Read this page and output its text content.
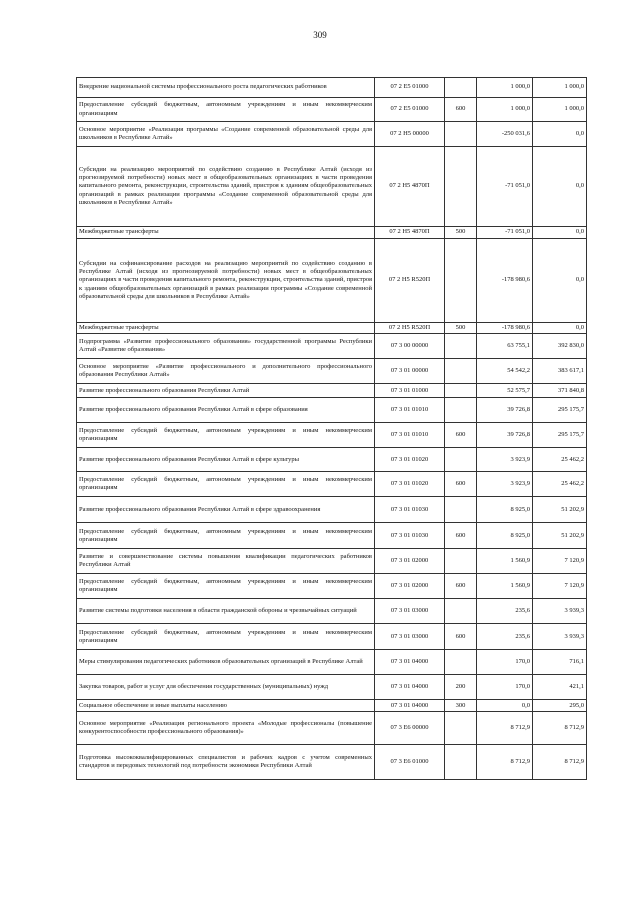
309
Внедрение национальной системы профессионального роста педагогических работников	07 2 E5 01000		1 000,0	1 000,0
Предоставление субсидий бюджетным, автономным учреждениям и иным некоммерческим организациям	07 2 E5 01000	600	1 000,0	1 000,0
Основное мероприятие «Реализация программы «Создание современной образовательной среды для школьников в Республике Алтай»	07 2 Н5 00000		-250 031,6	0,0
Субсидии на реализацию мероприятий по содействию созданию в Республике Алтай (исходя из прогнозируемой потребности) новых мест в общеобразовательных организациях в части проведения капитального ремонта, реконструкции, строительства зданий, пристроя к зданиям общеобразовательных организаций в рамках реализации программы «Создание современной образовательной среды для школьников в Республике Алтай»	07 2 Н5 4870П		-71 051,0	0,0
Межбюджетные трансферты	07 2 Н5 4870П	500	-71 051,0	0,0
Субсидии на софинансирование расходов на реализацию мероприятий по содействию созданию в Республике Алтай (исходя из прогнозируемой потребности) новых мест в общеобразовательных организациях в части проведения капитального ремонта, реконструкции, строительства зданий, пристроя к зданиям общеобразовательных организаций в рамках реализации программы «Создание современной образовательной среды для школьников в Республике Алтай»	07 2 Н5 R520П		-178 980,6	0,0
Межбюджетные трансферты	07 2 Н5 R520П	500	-178 980,6	0,0
Подпрограмма «Развитие профессионального образования» государственной программы Республики Алтай «Развитие образования»	07 3 00 00000		63 755,1	392 830,0
Основное мероприятие «Развитие профессионального и дополнительного профессионального образования Республики Алтай»	07 3 01 00000		54 542,2	383 617,1
Развитие профессионального образования Республики Алтай	07 3 01 01000		52 575,7	371 840,8
Развитие профессионального образования Республики Алтай в сфере образования	07 3 01 01010		39 726,8	295 175,7
Предоставление субсидий бюджетным, автономным учреждениям и иным некоммерческим организациям	07 3 01 01010	600	39 726,8	295 175,7
Развитие профессионального образования Республики Алтай в сфере культуры	07 3 01 01020		3 923,9	25 462,2
Предоставление субсидий бюджетным, автономным учреждениям и иным некоммерческим организациям	07 3 01 01020	600	3 923,9	25 462,2
Развитие профессионального образования Республики Алтай в сфере здравоохранения	07 3 01 01030		8 925,0	51 202,9
Предоставление субсидий бюджетным, автономным учреждениям и иным некоммерческим организациям	07 3 01 01030	600	8 925,0	51 202,9
Развитие и совершенствование системы повышения квалификации педагогических работников Республики Алтай	07 3 01 02000		1 560,9	7 120,9
Предоставление субсидий бюджетным, автономным учреждениям и иным некоммерческим организациям	07 3 01 02000	600	1 560,9	7 120,9
Развитие системы подготовки населения в области гражданской обороны и чрезвычайных ситуаций	07 3 01 03000		235,6	3 939,3
Предоставление субсидий бюджетным, автономным учреждениям и иным некоммерческим организациям	07 3 01 03000	600	235,6	3 939,3
Меры стимулирования педагогических работников образовательных организаций в Республике Алтай	07 3 01 04000		170,0	716,1
Закупка товаров, работ и услуг для обеспечения государственных (муниципальных) нужд	07 3 01 04000	200	170,0	421,1
Социальное обеспечение и иные выплаты населению	07 3 01 04000	300	0,0	295,0
Основное мероприятие «Реализация регионального проекта «Молодые профессионалы (повышение конкурентоспособности профессионального образования)»	07 3 E6 00000		8 712,9	8 712,9
Подготовка высококвалифицированных специалистов и рабочих кадров с учетом современных стандартов и передовых технологий под потребности экономики Республики Алтай	07 3 E6 01000		8 712,9	8 712,9
